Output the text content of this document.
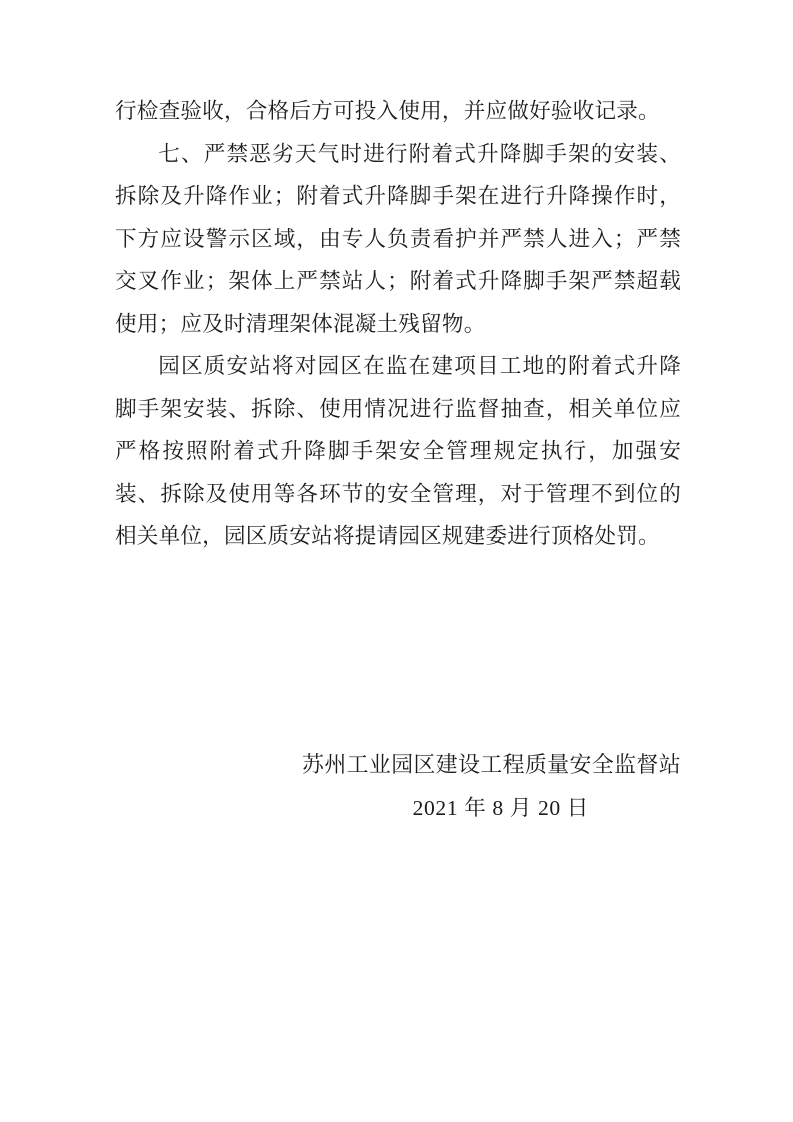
行检查验收，合格后方可投入使用，并应做好验收记录。

七、严禁恶劣天气时进行附着式升降脚手架的安装、拆除及升降作业；附着式升降脚手架在进行升降操作时，下方应设警示区域，由专人负责看护并严禁人进入；严禁交叉作业；架体上严禁站人；附着式升降脚手架严禁超载使用；应及时清理架体混凝土残留物。

园区质安站将对园区在监在建项目工地的附着式升降脚手架安装、拆除、使用情况进行监督抽查，相关单位应严格按照附着式升降脚手架安全管理规定执行，加强安装、拆除及使用等各环节的安全管理，对于管理不到位的相关单位，园区质安站将提请园区规建委进行顶格处罚。

苏州工业园区建设工程质量安全监督站

2021 年 8 月 20 日
